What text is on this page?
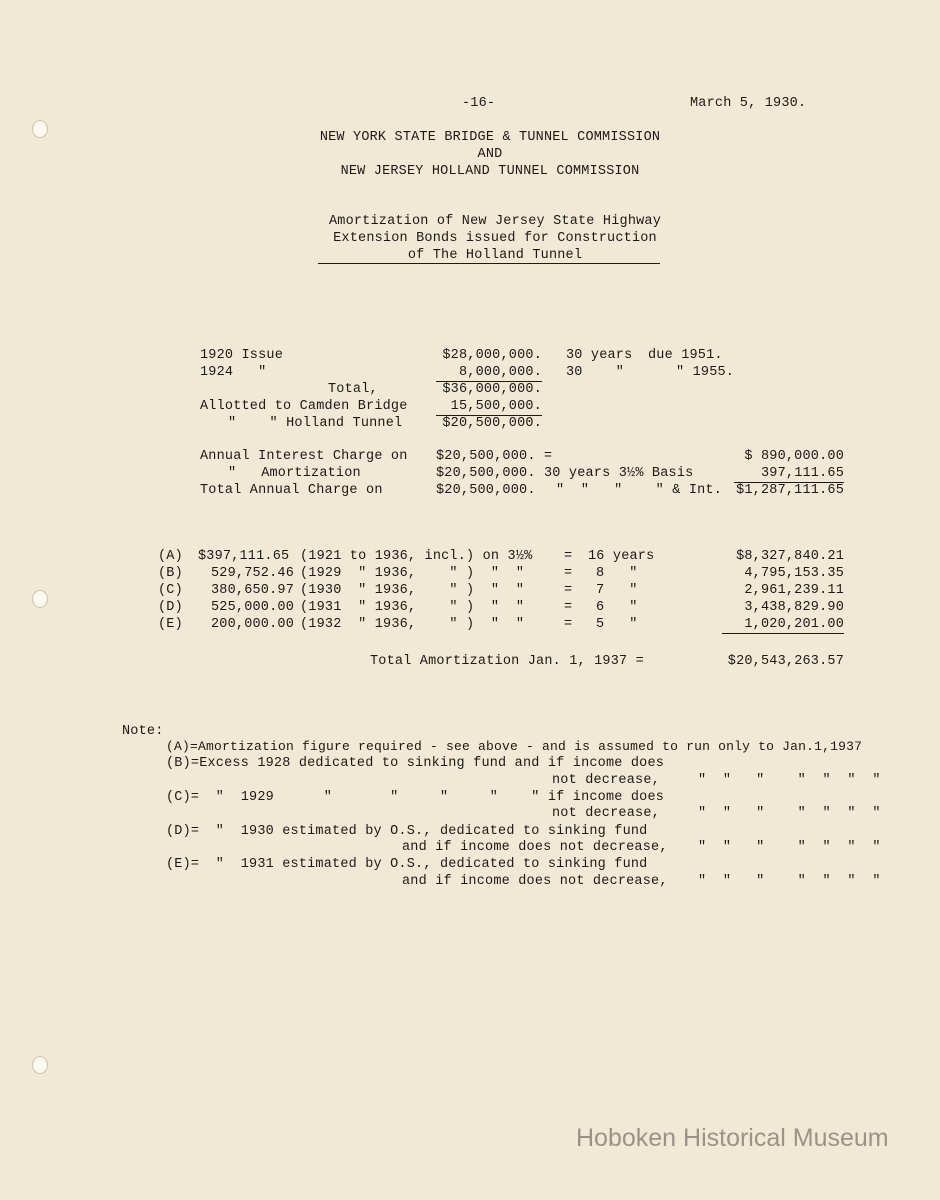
-16-	March 5, 1930.
NEW YORK STATE BRIDGE & TUNNEL COMMISSION
AND
NEW JERSEY HOLLAND TUNNEL COMMISSION
Amortization of New Jersey State Highway
Extension Bonds issued for Construction
of The Holland Tunnel
1920 Issue	$28,000,000. 30 years due 1951.
1924   "	8,000,000. 30    "	" 1955.
Total,	$36,000,000.
Allotted to Camden Bridge	15,500,000.
"    " Holland Tunnel	$20,500,000.
Annual Interest Charge on $20,500,000. =	$ 890,000.00
"   Amortization	$20,500,000. 30 years 3½% Basis	397,111.65
Total Annual Charge on	$20,500,000. "  "   "    " & Int.	$1,287,111.65
(A) $397,111.65 (1921 to 1936, incl.) on 3½% = 16 years	$8,327,840.21
(B)	529,752.46 (1929  " 1936,    " )  "  "	= 8   "	4,795,153.35
(C)	380,650.97 (1930  " 1936,    " )  "  "	= 7   "	2,961,239.11
(D)	525,000.00 (1931  " 1936,    " )  "  "	= 6   "	3,438,829.90
(E)	200,000.00 (1932  " 1936,    " )  "  "	= 5   "	1,020,201.00
Total Amortization Jan. 1, 1937 =	$20,543,263.57
Note:
(A)=Amortization figure required - see above - and is assumed to run only to Jan.1,1937
(B)=Excess 1928 dedicated to sinking fund and if income does
not decrease,	"  "   "    "  "  "  "
(C)=  "  1929      "       "     "     "    " if income does
not decrease,	"  "   "    "  "  "  "
(D)=  "  1930 estimated by O.S., dedicated to sinking fund
and if income does not decrease, "  "   "    "  "  "  "
(E)=  "  1931 estimated by O.S., dedicated to sinking fund
and if income does not decrease, "  "   "    "  "  "  "
Hoboken Historical Museum
